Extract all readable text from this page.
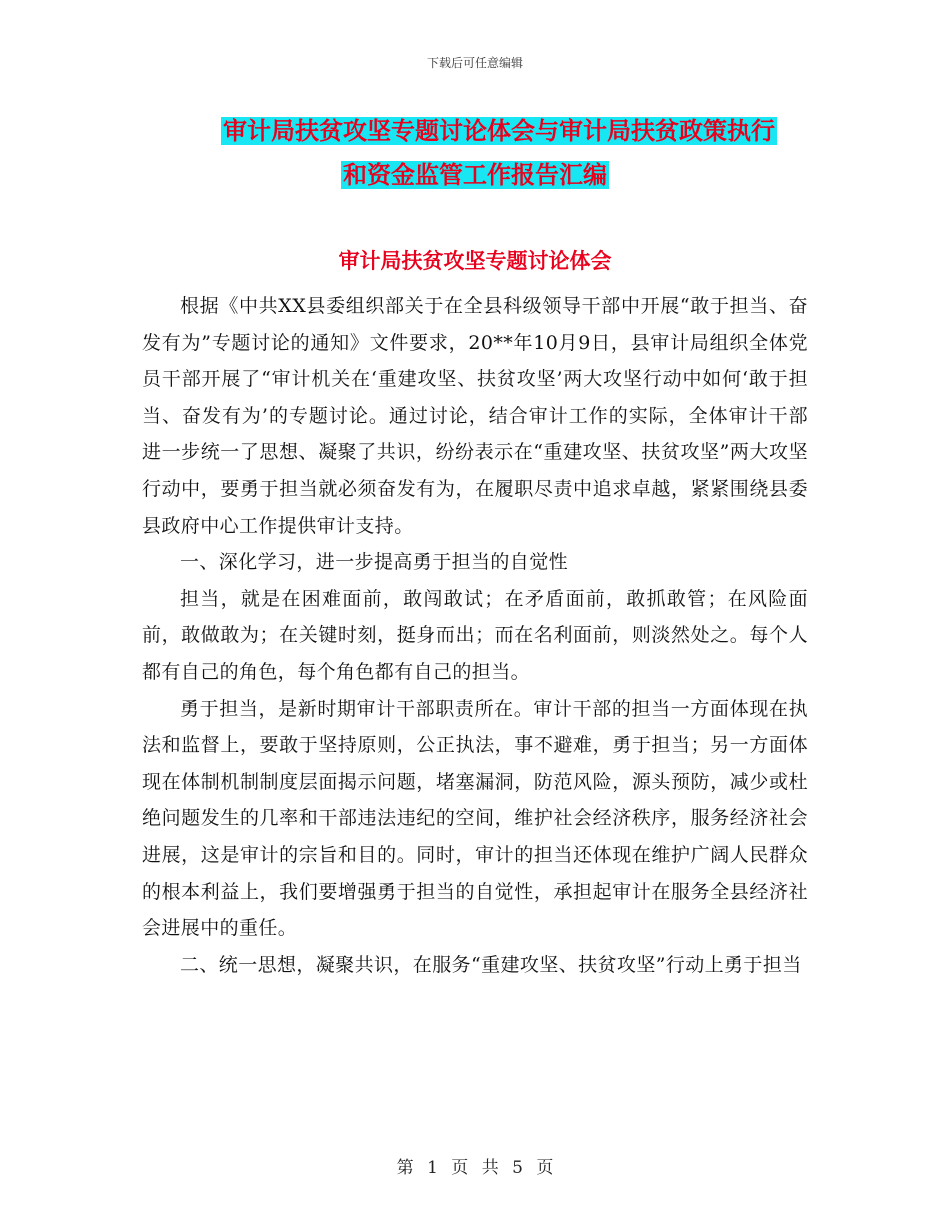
下载后可任意编辑
审计局扶贫攻坚专题讨论体会与审计局扶贫政策执行
和资金监管工作报告汇编
审计局扶贫攻坚专题讨论体会

根据《中共XX县委组织部关于在全县科级领导干部中开展“敢于担当、奋发有为”专题讨论的通知》文件要求，20**年10月9日，县审计局组织全体党员干部开展了“审计机关在‘重建攻坚、扶贫攻坚’两大攻坚行动中如何‘敢于担当、奋发有为’的专题讨论。通过讨论，结合审计工作的实际，全体审计干部进一步统一了思想、凝聚了共识，纷纷表示在“重建攻坚、扶贫攻坚”两大攻坚行动中，要勇于担当就必须奋发有为，在履职尽责中追求卓越，紧紧围绕县委县政府中心工作提供审计支持。

一、深化学习，进一步提高勇于担当的自觉性

担当，就是在困难面前，敢闯敢试；在矛盾面前，敢抓敢管；在风险面前，敢做敢为；在关键时刻，挺身而出；而在名利面前，则淡然处之。每个人都有自己的角色，每个角色都有自己的担当。

勇于担当，是新时期审计干部职责所在。审计干部的担当一方面体现在执法和监督上，要敢于坚持原则，公正执法，事不避难，勇于担当；另一方面体现在体制机制制度层面揭示问题，堵塞漏洞，防范风险，源头预防，减少或杜绝问题发生的几率和干部违法违纪的空间，维护社会经济秩序，服务经济社会进展，这是审计的宗旨和目的。同时，审计的担当还体现在维护广阔人民群众的根本利益上，我们要增强勇于担当的自觉性，承担起审计在服务全县经济社会进展中的重任。

二、统一思想，凝聚共识，在服务“重建攻坚、扶贫攻坚”行动上勇于担当

第 1 页 共 5 页
